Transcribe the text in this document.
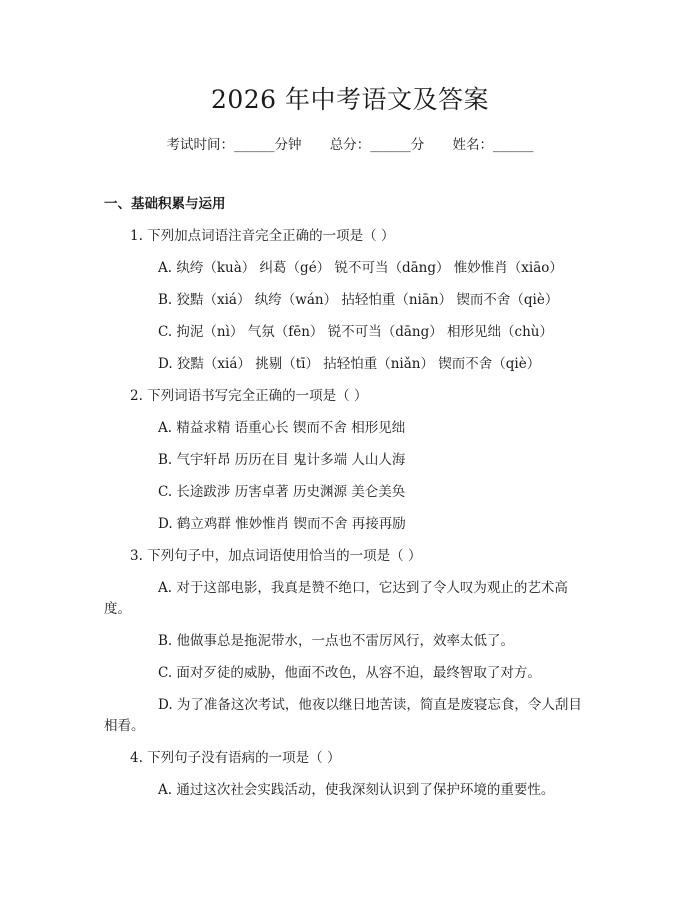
2026 年中考语文及答案
考试时间：______分钟 总分：______分 姓名：______
一、基础积累与运用
1. 下列加点词语注音完全正确的一项是（ ）
A. 纨绔（kuà） 纠葛（gé） 锐不可当（dāng） 惟妙惟肖（xiāo）
B. 狡黠（xiá） 纨绔（wán） 拈轻怕重（niān） 锲而不舍（qiè）
C. 拘泥（nì） 气氛（fēn） 锐不可当（dāng） 相形见绌（chù）
D. 狡黠（xiá） 挑剔（tī） 拈轻怕重（niǎn） 锲而不舍（qiè）
2. 下列词语书写完全正确的一项是（ ）
A. 精益求精 语重心长 锲而不舍 相形见绌
B. 气宇轩昂 历历在目 鬼计多端 人山人海
C. 长途跋涉 历害卓著 历史渊源 美仑美奂
D. 鹤立鸡群 惟妙惟肖 锲而不舍 再接再励
3. 下列句子中，加点词语使用恰当的一项是（ ）
A. 对于这部电影，我真是赞不绝口，它达到了令人叹为观止的艺术高
度。
B. 他做事总是拖泥带水，一点也不雷厉风行，效率太低了。
C. 面对歹徒的威胁，他面不改色，从容不迫，最终智取了对方。
D. 为了准备这次考试，他夜以继日地苦读，简直是废寝忘食，令人刮目
相看。
4. 下列句子没有语病的一项是（ ）
A. 通过这次社会实践活动，使我深刻认识到了保护环境的重要性。
